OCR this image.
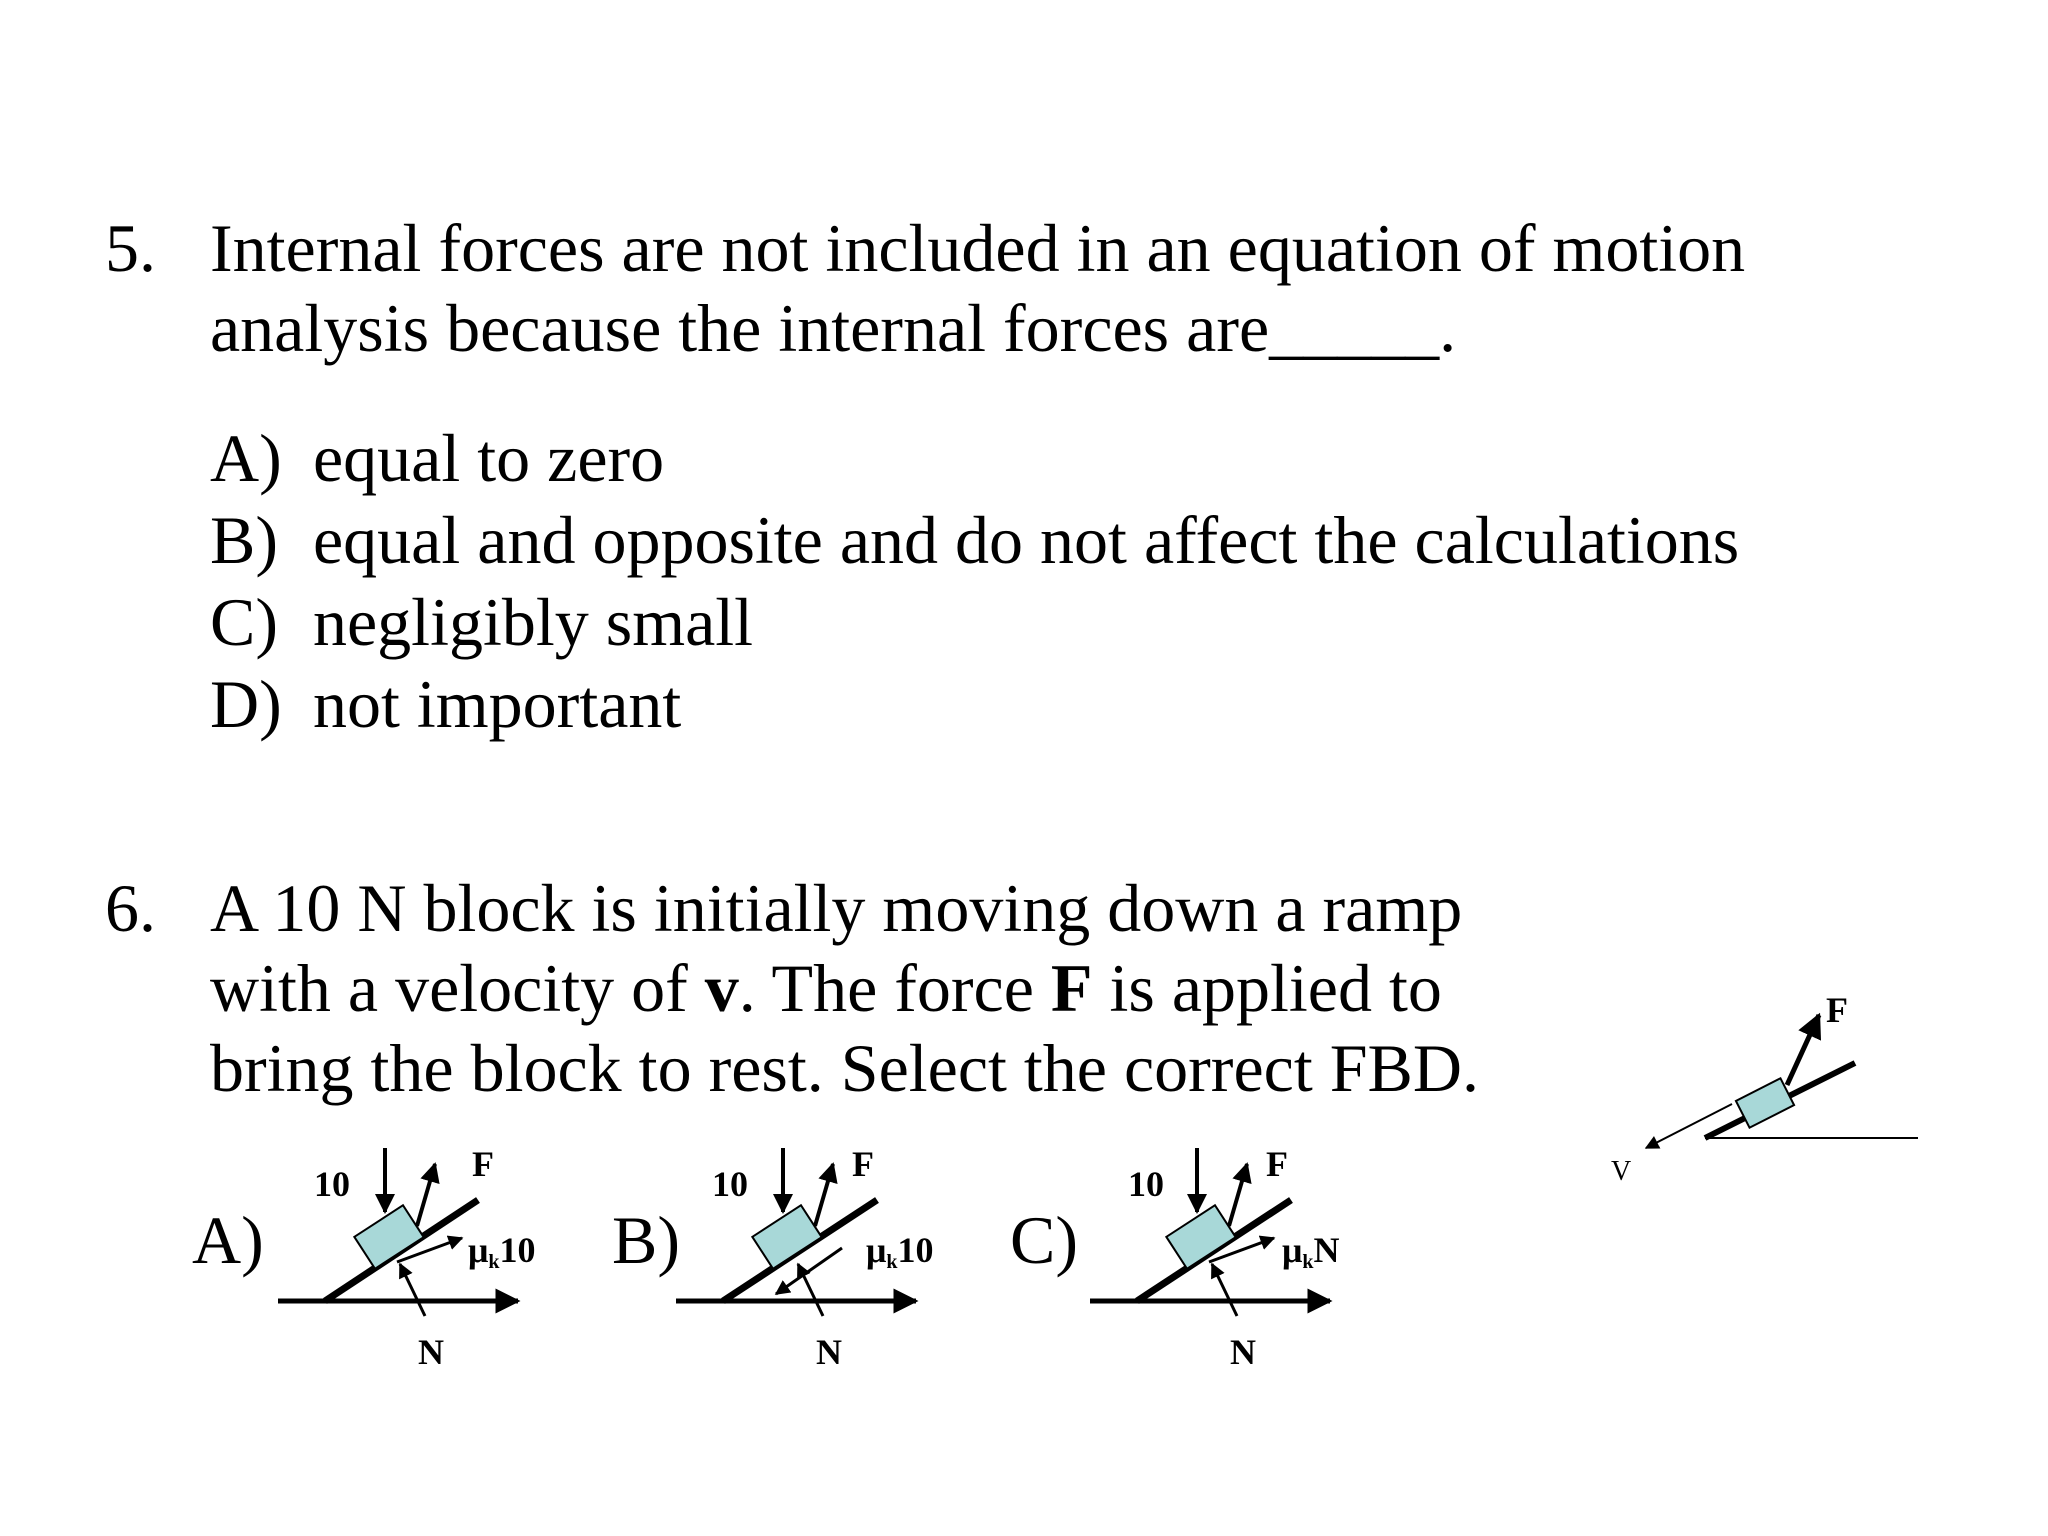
5. Internal forces are not included in an equation of motion
analysis because the internal forces are_____.
A) equal to zero
B) equal and opposite and do not affect the calculations
C) negligibly small
D) not important
6. A 10 N block is initially moving down a ramp
with a velocity of v. The force F is applied to
bring the block to rest. Select the correct FBD.
A)	B)	C)
10	F
μk10
N
10	F
μk10
N
10	F
μkN
N
F
V
